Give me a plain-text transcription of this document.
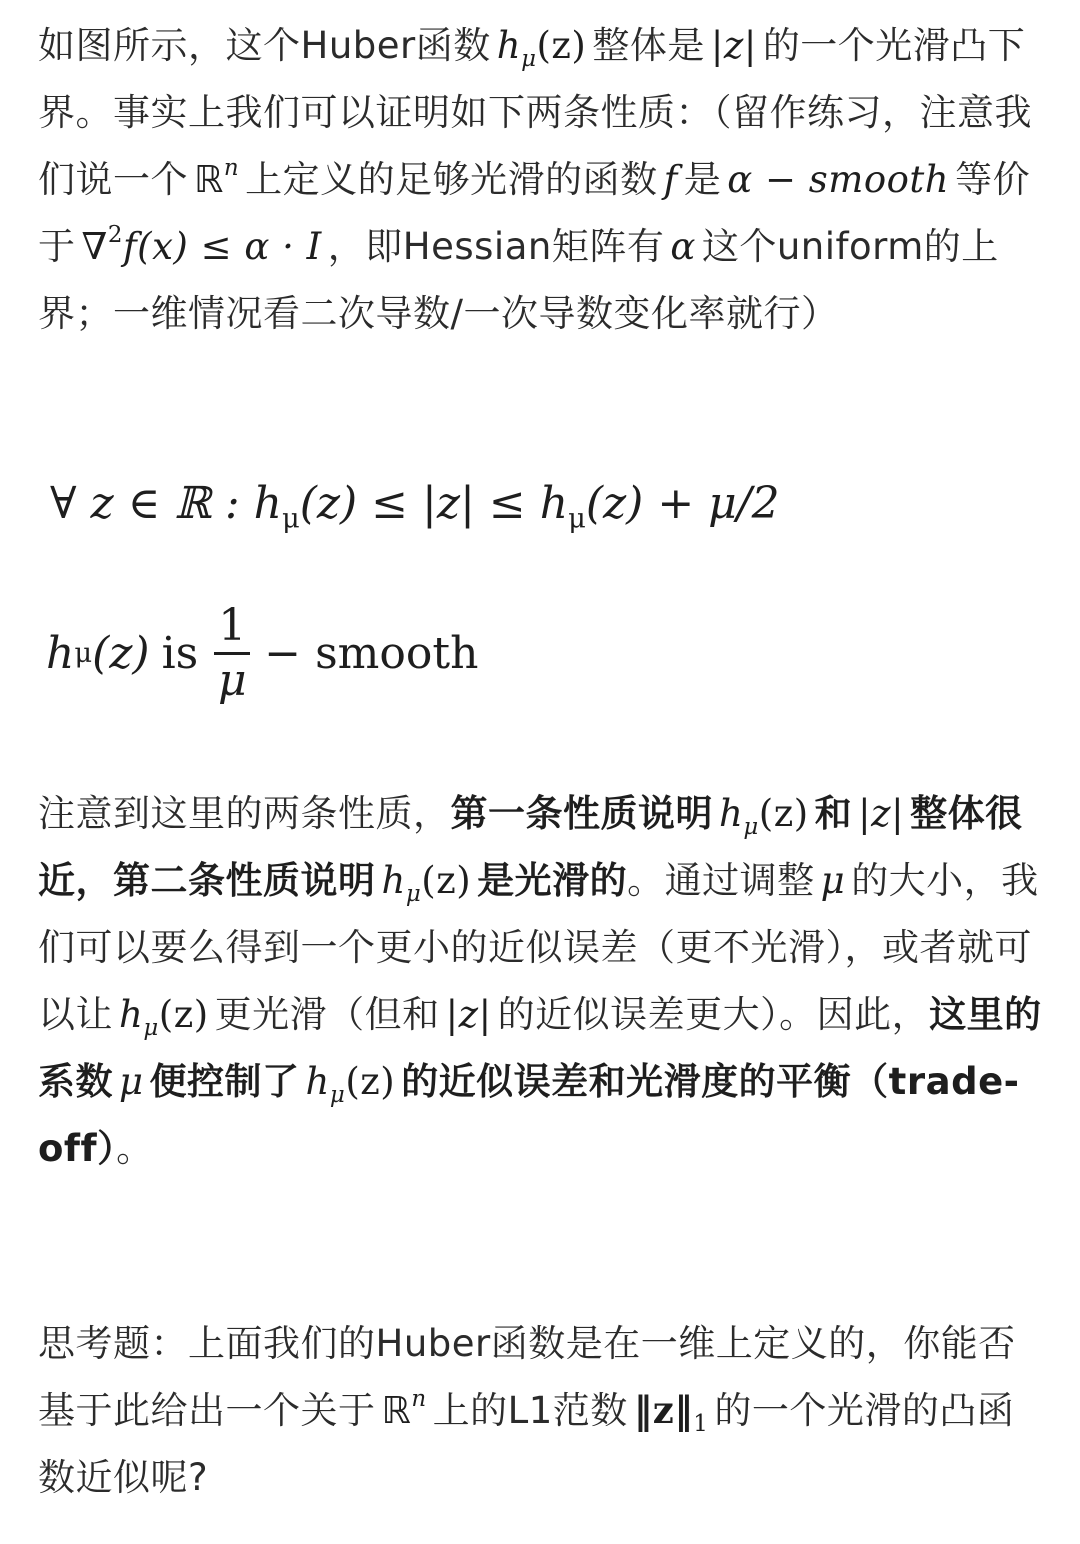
如图所示，这个Huber函数 $h_\mu(z)$ 整体是 |z| 的一个光滑凸下界。事实上我们可以证明如下两条性质：（留作练习，注意我们说一个 ℝ$^n$ 上定义的足够光滑的函数 f 是 α − smooth 等价于 ∇$^2$f(x) ≤ α · I ，即Hessian矩阵有 α 这个uniform的上界；一维情况看二次导数/一次导数变化率就行）

∀ z ∈ ℝ : $h_\mu(z) \le |z| \le h_\mu(z) + \mu/2$
h μ (z) is $\frac{1}{\mu}$ − smooth

注意到这里的两条性质，第一条性质说明 $h_\mu(z)$ 和 |z| 整体很近，第二条性质说明 $h_\mu(z)$ 是光滑的。通过调整 μ 的大小，我们可以要么得到一个更小的近似误差（更不光滑），或者就可以让 $h_\mu(z)$ 更光滑（但和 |z| 的近似误差更大）。因此，这里的系数 μ 便控制了 $h_\mu(z)$ 的近似误差和光滑度的平衡（trade-off）。

思考题：上面我们的Huber函数是在一维上定义的，你能否基于此给出一个关于 ℝ$^n$ 上的L1范数 $‖z‖_1$ 的一个光滑的凸函数近似呢?
